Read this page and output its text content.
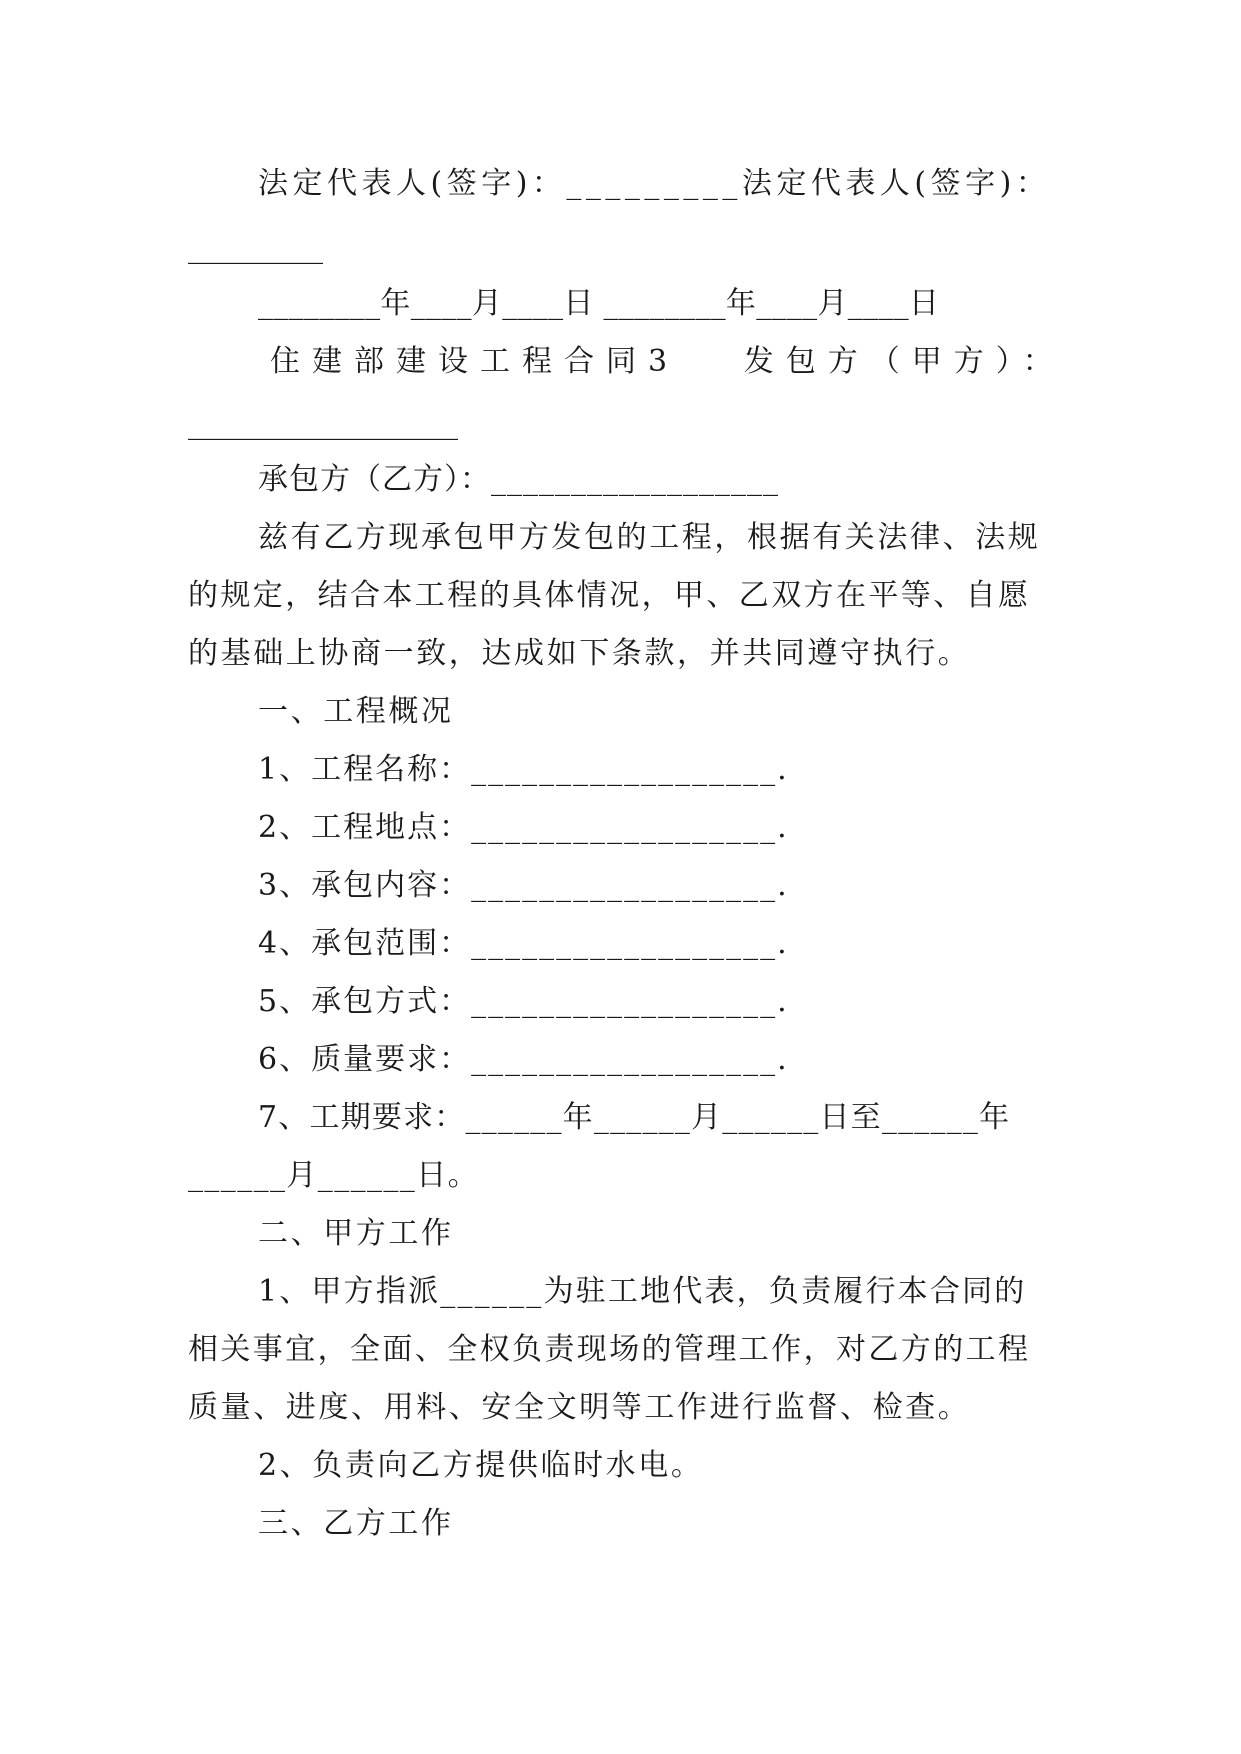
法定代表人(签字)：_________法定代表人(签字)：
_________
________年____月____日 ________年____月____日
住建部建设工程合同3   发包方（甲方）：
__________________
承包方（乙方）：__________________
兹有乙方现承包甲方发包的工程，根据有关法律、法规
的规定，结合本工程的具体情况，甲、乙双方在平等、自愿
的基础上协商一致，达成如下条款，并共同遵守执行。
一、工程概况
1、工程名称：__________________.
2、工程地点：__________________.
3、承包内容：__________________.
4、承包范围：__________________.
5、承包方式：__________________.
6、质量要求：__________________.
7、工期要求：______年______月______日至______年
______月______日。
二、甲方工作
1、甲方指派______为驻工地代表，负责履行本合同的
相关事宜，全面、全权负责现场的管理工作，对乙方的工程
质量、进度、用料、安全文明等工作进行监督、检查。
2、负责向乙方提供临时水电。
三、乙方工作
